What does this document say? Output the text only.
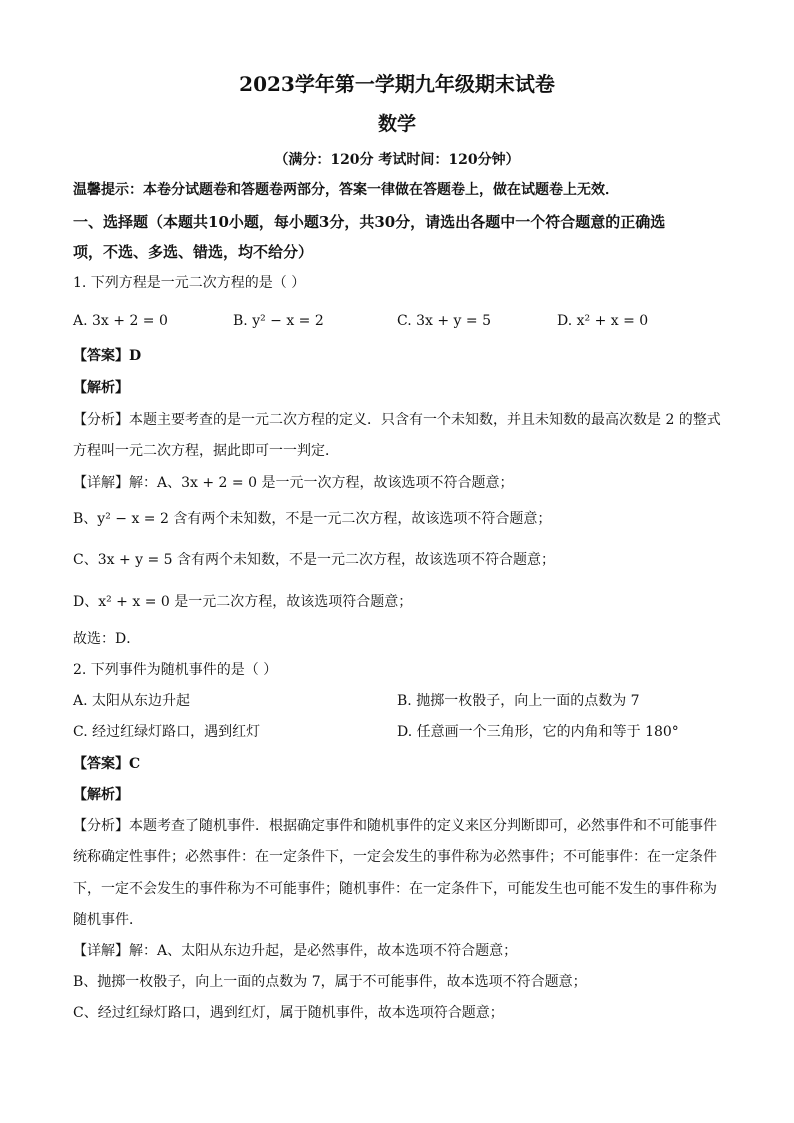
2023学年第一学期九年级期末试卷
数学
（满分：120分 考试时间：120分钟）
温馨提示：本卷分试题卷和答题卷两部分，答案一律做在答题卷上，做在试题卷上无效．
一、选择题（本题共10小题，每小题3分，共30分，请选出各题中一个符合题意的正确选
项，不选、多选、错选，均不给分）
1. 下列方程是一元二次方程的是（ ）
A. 3x + 2 = 0	B. y² − x = 2	C. 3x + y = 5	D. x² + x = 0
【答案】D
【解析】
【分析】本题主要考查的是一元二次方程的定义．只含有一个未知数，并且未知数的最高次数是 2 的整式
方程叫一元二次方程，据此即可一一判定．
【详解】解：A、3x + 2 = 0 是一元一次方程，故该选项不符合题意；
B、y² − x = 2 含有两个未知数，不是一元二次方程，故该选项不符合题意；
C、3x + y = 5 含有两个未知数，不是一元二次方程，故该选项不符合题意；
D、x² + x = 0 是一元二次方程，故该选项符合题意；
故选：D．
2. 下列事件为随机事件的是（ ）
A. 太阳从东边升起	B. 抛掷一枚骰子，向上一面的点数为 7
C. 经过红绿灯路口，遇到红灯	D. 任意画一个三角形，它的内角和等于 180°
【答案】C
【解析】
【分析】本题考查了随机事件．根据确定事件和随机事件的定义来区分判断即可，必然事件和不可能事件
统称确定性事件；必然事件：在一定条件下，一定会发生的事件称为必然事件；不可能事件：在一定条件
下，一定不会发生的事件称为不可能事件；随机事件：在一定条件下，可能发生也可能不发生的事件称为
随机事件．
【详解】解：A、太阳从东边升起，是必然事件，故本选项不符合题意；
B、抛掷一枚骰子，向上一面的点数为 7，属于不可能事件，故本选项不符合题意；
C、经过红绿灯路口，遇到红灯，属于随机事件，故本选项符合题意；
